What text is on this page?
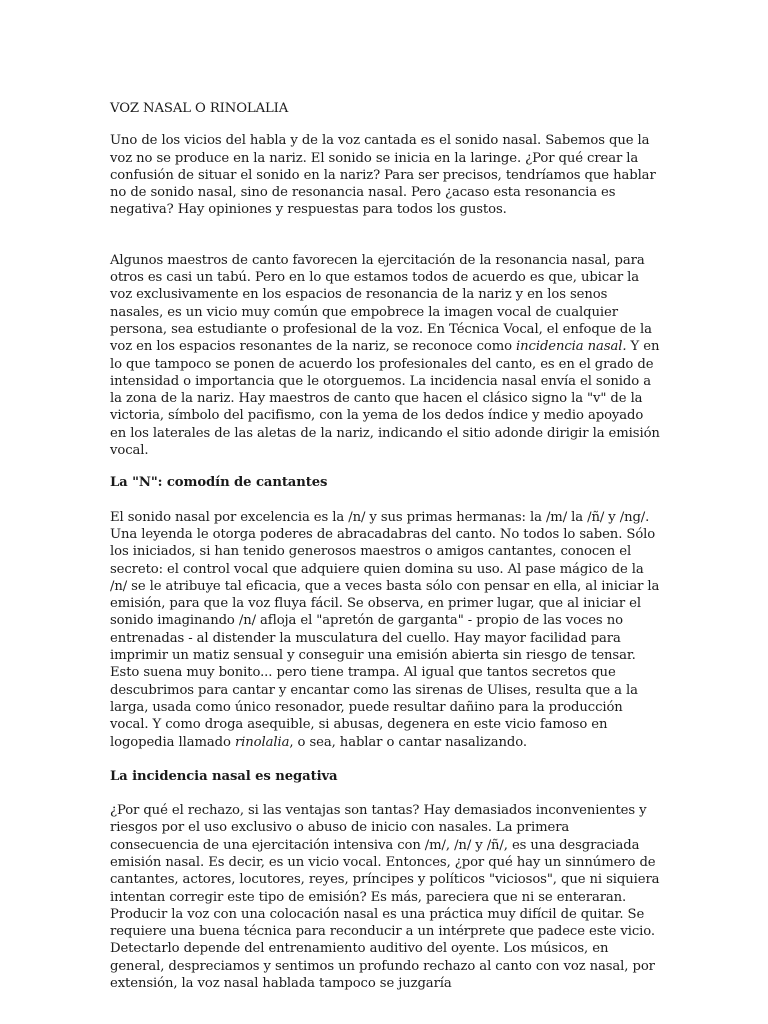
VOZ NASAL O RINOLALIA

Uno de los vicios del habla y de la voz cantada es el sonido nasal. Sabemos que la voz no se produce en la nariz. El sonido se inicia en la laringe. ¿Por qué crear la confusión de situar el sonido en la nariz? Para ser precisos, tendríamos que hablar no de sonido nasal, sino de resonancia nasal. Pero ¿acaso esta resonancia es negativa? Hay opiniones y respuestas para todos los gustos.

Algunos maestros de canto favorecen la ejercitación de la resonancia nasal, para otros es casi un tabú. Pero en lo que estamos todos de acuerdo es que, ubicar la voz exclusivamente en los espacios de resonancia de la nariz y en los senos nasales, es un vicio muy común que empobrece la imagen vocal de cualquier persona, sea estudiante o profesional de la voz. En Técnica Vocal, el enfoque de la voz en los espacios resonantes de la nariz, se reconoce como incidencia nasal. Y en lo que tampoco se ponen de acuerdo los profesionales del canto, es en el grado de intensidad o importancia que le otorguemos. La incidencia nasal envía el sonido a la zona de la nariz. Hay maestros de canto que hacen el clásico signo la "v" de la victoria, símbolo del pacifismo, con la yema de los dedos índice y medio apoyado en los laterales de las aletas de la nariz, indicando el sitio adonde dirigir la emisión vocal.

La "N": comodín de cantantes

El sonido nasal por excelencia es la /n/ y sus primas hermanas: la /m/ la /ñ/ y /ng/. Una leyenda le otorga poderes de abracadabras del canto. No todos lo saben. Sólo los iniciados, si han tenido generosos maestros o amigos cantantes, conocen el secreto: el control vocal que adquiere quien domina su uso. Al pase mágico de la /n/ se le atribuye tal eficacia, que a veces basta sólo con pensar en ella, al iniciar la emisión, para que la voz fluya fácil. Se observa, en primer lugar, que al iniciar el sonido imaginando /n/ afloja el "apretón de garganta" - propio de las voces no entrenadas - al distender la musculatura del cuello. Hay mayor facilidad para imprimir un matiz sensual y conseguir una emisión abierta sin riesgo de tensar. Esto suena muy bonito... pero tiene trampa. Al igual que tantos secretos que descubrimos para cantar y encantar como las sirenas de Ulises, resulta que a la larga, usada como único resonador, puede resultar dañino para la producción vocal. Y como droga asequible, si abusas, degenera en este vicio famoso en logopedia llamado rinolalia, o sea, hablar o cantar nasalizando.

La incidencia nasal es negativa

¿Por qué el rechazo, si las ventajas son tantas? Hay demasiados inconvenientes y riesgos por el uso exclusivo o abuso de inicio con nasales. La primera consecuencia de una ejercitación intensiva con /m/, /n/ y /ñ/, es una desgraciada emisión nasal. Es decir, es un vicio vocal. Entonces, ¿por qué hay un sinnúmero de cantantes, actores, locutores, reyes, príncipes y políticos "viciosos", que ni siquiera intentan corregir este tipo de emisión? Es más, pareciera que ni se enteraran. Producir la voz con una colocación nasal es una práctica muy difícil de quitar. Se requiere una buena técnica para reconducir a un intérprete que padece este vicio. Detectarlo depende del entrenamiento auditivo del oyente. Los músicos, en general, despreciamos y sentimos un profundo rechazo al canto con voz nasal, por extensión, la voz nasal hablada tampoco se juzgaría
